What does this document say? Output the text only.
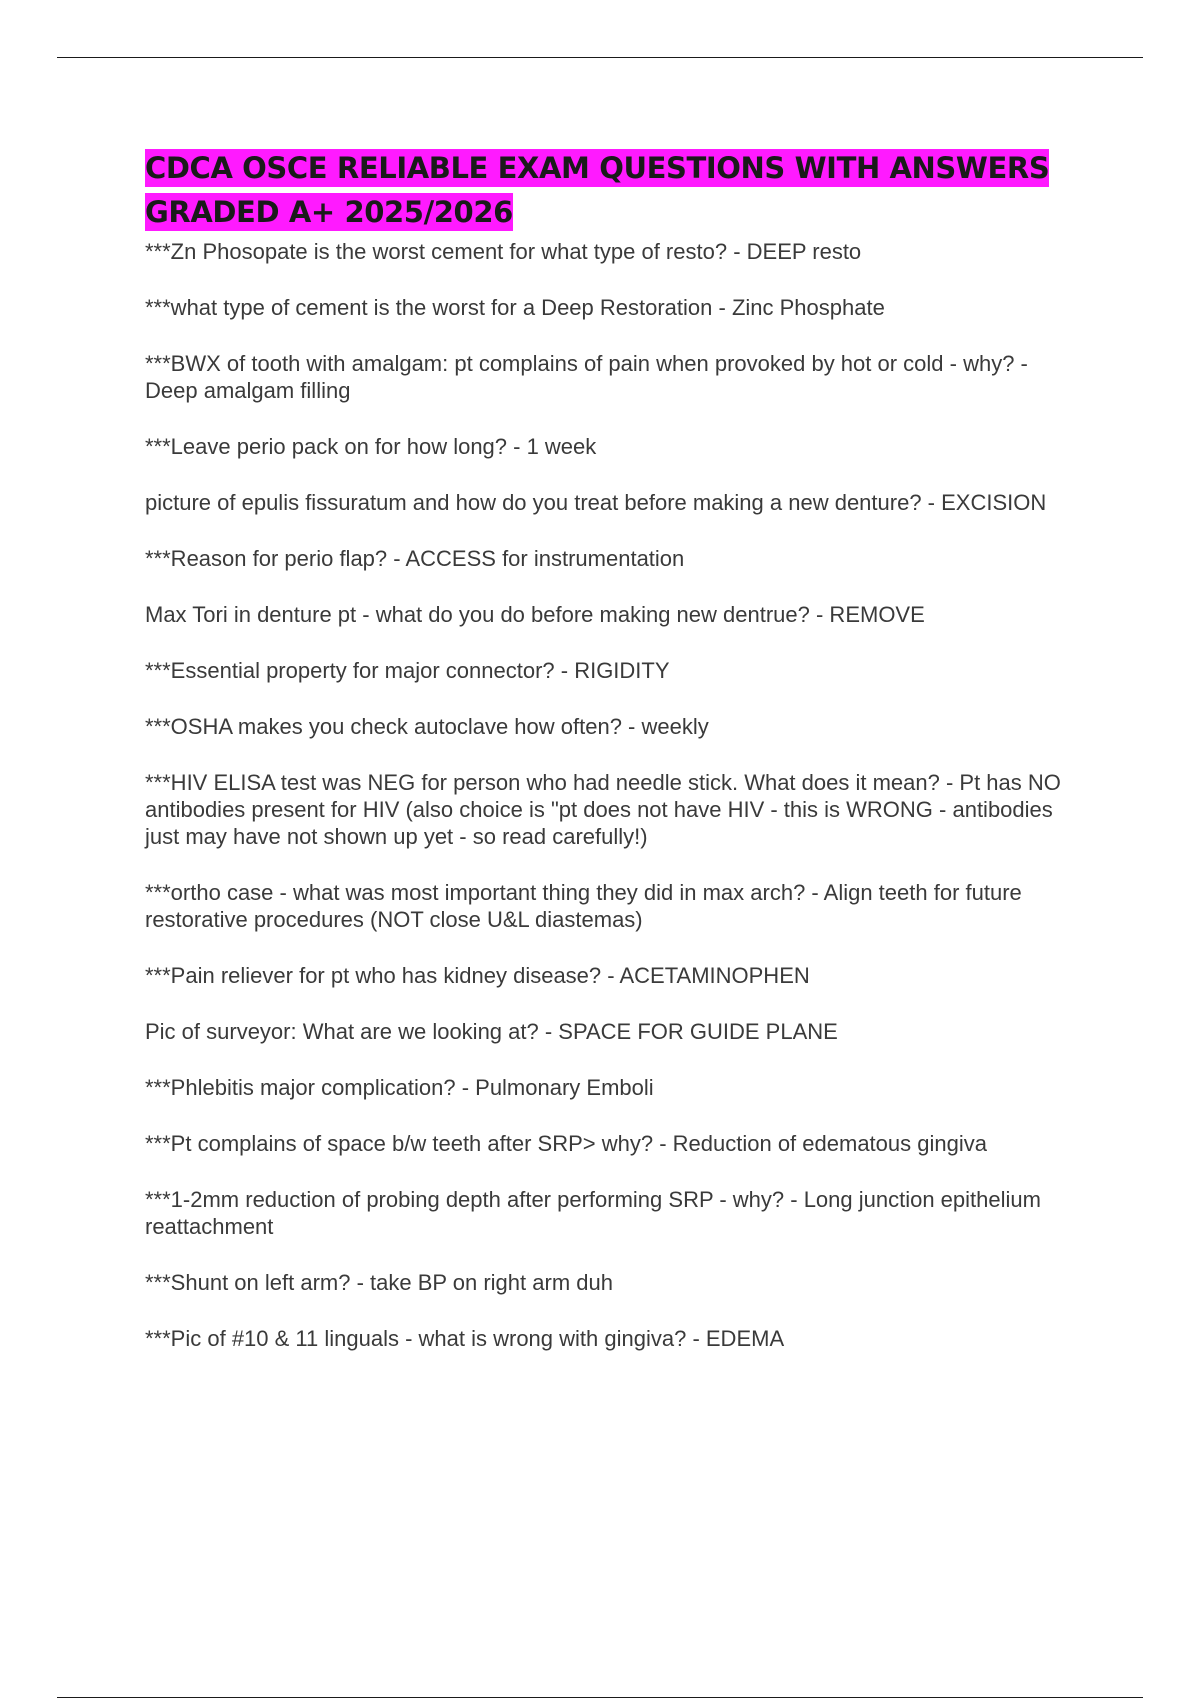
CDCA OSCE RELIABLE EXAM QUESTIONS WITH ANSWERS GRADED A+ 2025/2026
***Zn Phosopate is the worst cement for what type of resto? - DEEP resto
***what type of cement is the worst for a Deep Restoration - Zinc Phosphate
***BWX of tooth with amalgam: pt complains of pain when provoked by hot or cold - why? - Deep amalgam filling
***Leave perio pack on for how long? - 1 week
picture of epulis fissuratum and how do you treat before making a new denture? - EXCISION
***Reason for perio flap? - ACCESS for instrumentation
Max Tori in denture pt - what do you do before making new dentrue? - REMOVE
***Essential property for major connector? - RIGIDITY
***OSHA makes you check autoclave how often? - weekly
***HIV ELISA test was NEG for person who had needle stick. What does it mean? - Pt has NO antibodies present for HIV (also choice is "pt does not have HIV - this is WRONG - antibodies just may have not shown up yet - so read carefully!)
***ortho case - what was most important thing they did in max arch? - Align teeth for future restorative procedures (NOT close U&L diastemas)
***Pain reliever for pt who has kidney disease? - ACETAMINOPHEN
Pic of surveyor: What are we looking at? - SPACE FOR GUIDE PLANE
***Phlebitis major complication? - Pulmonary Emboli
***Pt complains of space b/w teeth after SRP> why? - Reduction of edematous gingiva
***1-2mm reduction of probing depth after performing SRP - why? - Long junction epithelium reattachment
***Shunt on left arm? - take BP on right arm duh
***Pic of #10 & 11 linguals - what is wrong with gingiva? - EDEMA
